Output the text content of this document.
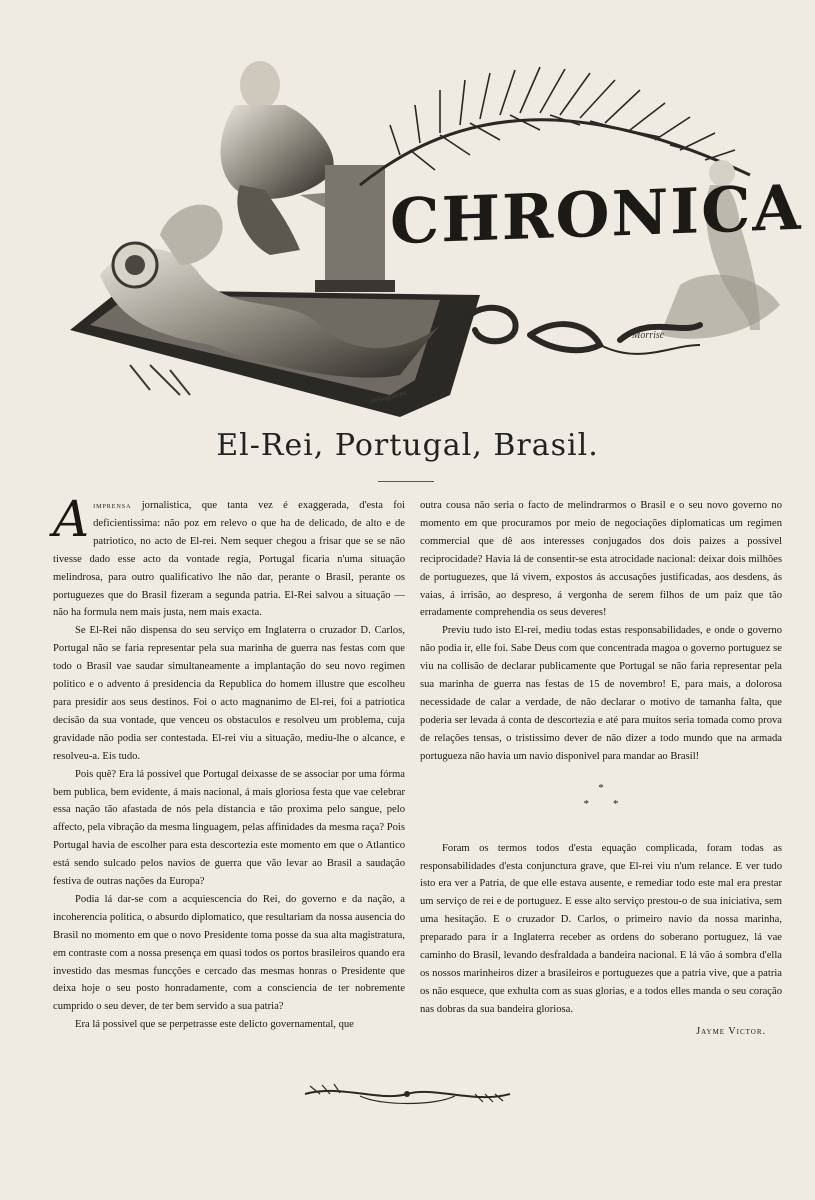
CHRONICA
Morrisc
Heliogravura
El-Rei, Portugal, Brasil.

Aimprensa jornalistica, que tanta vez é exaggerada, d'esta foi deficientissima: não poz em relevo o que ha de delicado, de alto e de patriotico, no acto de El-rei. Nem sequer chegou a frisar que se se não tivesse dado esse acto da vontade regia, Portugal ficaria n'uma situação melindrosa, para outro qualificativo lhe não dar, perante o Brasil, perante os portuguezes que do Brasil fizeram a segunda patria. El-Rei salvou a situação — não ha formula nem mais justa, nem mais exacta.

Se El-Rei não dispensa do seu serviço em Inglaterra o cruzador D. Carlos, Portugal não se faria representar pela sua marinha de guerra nas festas com que todo o Brasil vae saudar simultaneamente a implantação do seu novo regimen politico e o advento á presidencia da Republica do homem illustre que escolheu para presidir aos seus destinos. Foi o acto magnanimo de El-rei, foi a patriotica decisão da sua vontade, que venceu os obstaculos e resolveu um problema, cuja gravidade não podia ser contestada. El-rei viu a situação, mediu-lhe o alcance, e resolveu-a. Eis tudo.

Pois quê? Era lá possivel que Portugal deixasse de se associar por uma fórma bem publica, bem evidente, á mais nacional, á mais gloriosa festa que vae celebrar essa nação tão afastada de nós pela distancia e tão proxima pelo sangue, pelo affecto, pela vibração da mesma linguagem, pelas affinidades da mesma raça? Pois Portugal havia de escolher para esta descortezia este momento em que o Atlantico está sendo sulcado pelos navios de guerra que vão levar ao Brasil a saudação festiva de outras nações da Europa?

Podia lá dar-se com a acquiescencia do Rei, do governo e da nação, a incoherencia politica, o absurdo diplomatico, que resultariam da nossa ausencia do Brasil no momento em que o novo Presidente toma posse da sua alta magistratura, em contraste com a nossa presença em quasi todos os portos brasileiros quando era investido das mesmas funcções e cercado das mesmas honras o Presidente que deixa hoje o seu posto honradamente, com a consciencia de ter nobremente cumprido o seu dever, de ter bem servido a sua patria?

Era lá possivel que se perpetrasse este delicto governamental, que

outra cousa não seria o facto de melindrarmos o Brasil e o seu novo governo no momento em que procuramos por meio de negociações diplomaticas um regimen commercial que dê aos interesses conjugados dos dois paizes a possivel reciprocidade? Havia lá de consentir-se esta atrocidade nacional: deixar dois milhões de portuguezes, que lá vivem, expostos ás accusações justificadas, aos desdens, ás vaias, á irrisão, ao despreso, á vergonha de serem filhos de um paiz que tão erradamente comprehendia os seus deveres!

Previu tudo isto El-rei, mediu todas estas responsabilidades, e onde o governo não podia ir, elle foi. Sabe Deus com que concentrada magoa o governo portuguez se viu na collisão de declarar publicamente que Portugal se não faria representar pela sua marinha de guerra nas festas de 15 de novembro! E, para mais, a dolorosa necessidade de calar a verdade, de não declarar o motivo de tamanha falta, que poderia ser levada á conta de descortezia e até para muitos seria tomada como prova de relações tensas, o tristissimo dever de não dizer a todo mundo que na armada portugueza não havia um navio disponivel para mandar ao Brasil!

*
* *

Foram os termos todos d'esta equação complicada, foram todas as responsabilidades d'esta conjunctura grave, que El-rei viu n'um relance. E ver tudo isto era ver a Patria, de que elle estava ausente, e remediar todo este mal era prestar um serviço de rei e de portuguez. E esse alto serviço prestou-o de sua iniciativa, sem uma hesitação. E o cruzador D. Carlos, o primeiro navio da nossa marinha, preparado para ir a Inglaterra receber as ordens do soberano portuguez, lá vae caminho do Brasil, levando desfraldada a bandeira nacional. E lá vão á sombra d'ella os nossos marinheiros dizer a brasileiros e portuguezes que a patria vive, que a patria os não esquece, que exhulta com as suas glorias, e a todos elles manda o seu coração nas dobras da sua bandeira gloriosa.

Jayme Victor.
